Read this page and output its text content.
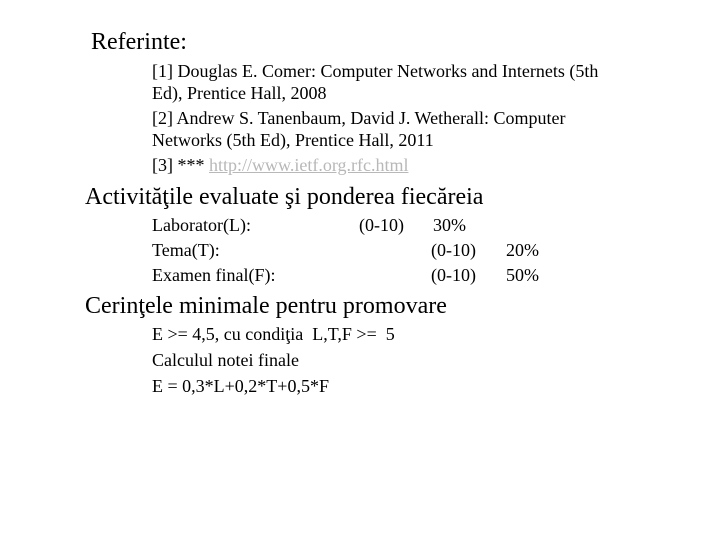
Referinte:
[1] Douglas E. Comer: Computer Networks and Internets (5th
Ed), Prentice Hall, 2008
[2] Andrew S. Tanenbaum, David J. Wetherall: Computer
Networks (5th Ed), Prentice Hall, 2011
[3] *** http://www.ietf.org.rfc.html
Activităţile evaluate şi ponderea fiecăreia
Laborator(L):	(0-10) 30%
Tema(T):	(0-10) 20%
Examen final(F):	(0-10) 50%
Cerinţele minimale pentru promovare
E >= 4,5, cu condiţia  L,T,F >=  5
Calculul notei finale
E = 0,3*L+0,2*T+0,5*F
